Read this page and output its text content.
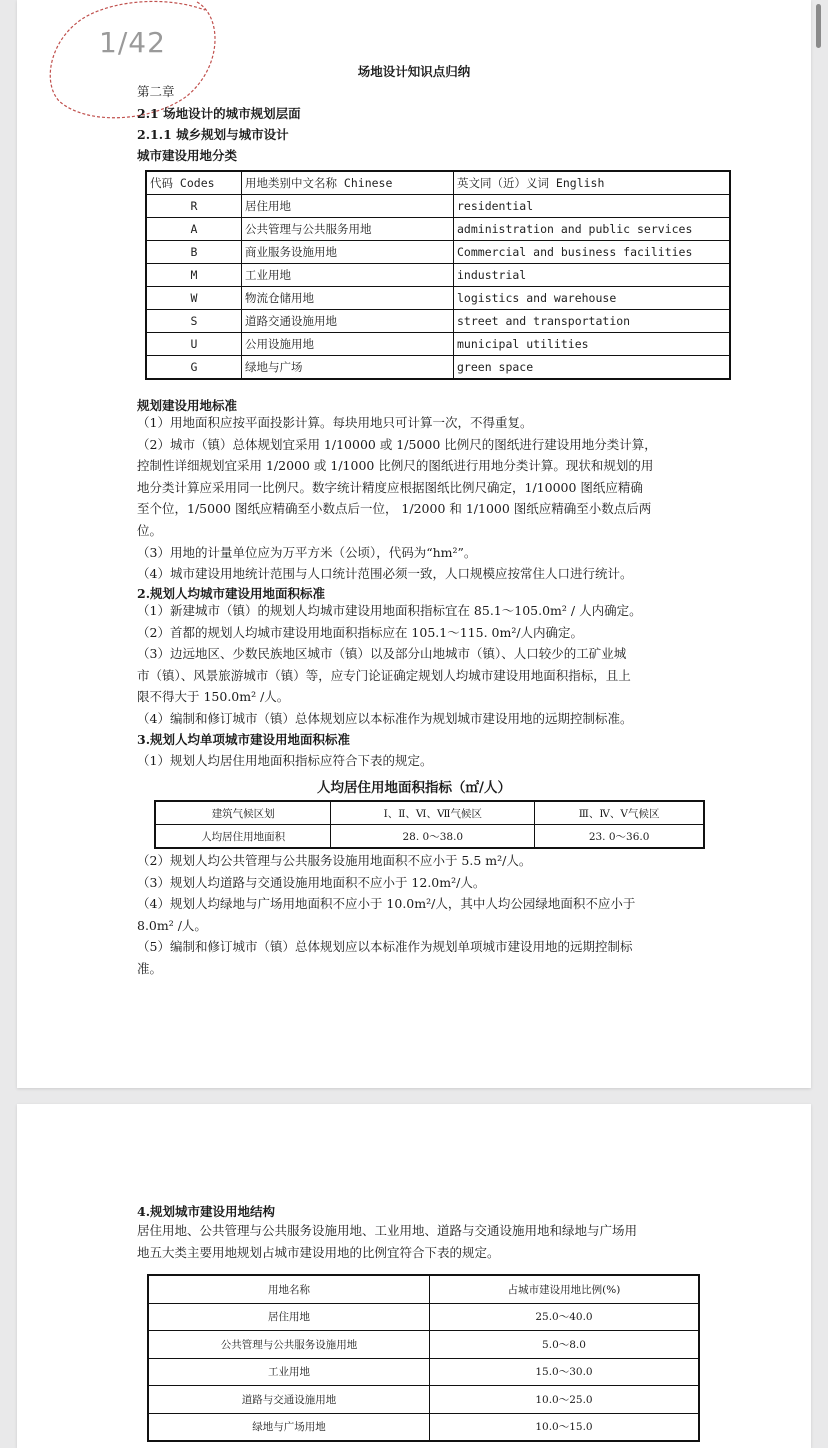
1/42
场地设计知识点归纳
第二章
2.1 场地设计的城市规划层面
2.1.1 城乡规划与城市设计
城市建设用地分类
代码 Codes	用地类别中文名称 Chinese	英文同（近）义词 English
R	居住用地	residential
A	公共管理与公共服务用地	administration and public services
B	商业服务设施用地	Commercial and business facilities
M	工业用地	industrial
W	物流仓储用地	logistics and warehouse
S	道路交通设施用地	street and transportation
U	公用设施用地	municipal utilities
G	绿地与广场	green space
规划建设用地标准
（1）用地面积应按平面投影计算。每块用地只可计算一次，不得重复。
（2）城市（镇）总体规划宜采用 1/10000 或 1/5000 比例尺的图纸进行建设用地分类计算，
控制性详细规划宜采用 1/2000 或 1/1000 比例尺的图纸进行用地分类计算。现状和规划的用
地分类计算应采用同一比例尺。数字统计精度应根据图纸比例尺确定，1/10000 图纸应精确
至个位，1/5000 图纸应精确至小数点后一位， 1/2000 和 1/1000 图纸应精确至小数点后两
位。
（3）用地的计量单位应为万平方米（公顷），代码为“hm²”。
（4）城市建设用地统计范围与人口统计范围必须一致，人口规模应按常住人口进行统计。
2.规划人均城市建设用地面积标准
（1）新建城市（镇）的规划人均城市建设用地面积指标宜在 85.1～105.0m² / 人内确定。
（2）首都的规划人均城市建设用地面积指标应在 105.1～115. 0m²/人内确定。
（3）边远地区、少数民族地区城市（镇）以及部分山地城市（镇）、人口较少的工矿业城
市（镇）、风景旅游城市（镇）等，应专门论证确定规划人均城市建设用地面积指标，且上
限不得大于 150.0m² /人。
（4）编制和修订城市（镇）总体规划应以本标准作为规划城市建设用地的远期控制标准。
3.规划人均单项城市建设用地面积标准
（1）规划人均居住用地面积指标应符合下表的规定。
人均居住用地面积指标（㎡/人）
建筑气候区划	Ⅰ、Ⅱ、Ⅵ、Ⅶ气候区	Ⅲ、Ⅳ、Ⅴ气候区
人均居住用地面积	28. 0～38.0	23. 0～36.0
（2）规划人均公共管理与公共服务设施用地面积不应小于 5.5 m²/人。
（3）规划人均道路与交通设施用地面积不应小于 12.0m²/人。
（4）规划人均绿地与广场用地面积不应小于 10.0m²/人，其中人均公园绿地面积不应小于
8.0m² /人。
（5）编制和修订城市（镇）总体规划应以本标准作为规划单项城市建设用地的远期控制标
准。
4.规划城市建设用地结构
居住用地、公共管理与公共服务设施用地、工业用地、道路与交通设施用地和绿地与广场用
地五大类主要用地规划占城市建设用地的比例宜符合下表的规定。
用地名称	占城市建设用地比例(%)
居住用地	25.0～40.0
公共管理与公共服务设施用地	5.0～8.0
工业用地	15.0～30.0
道路与交通设施用地	10.0～25.0
绿地与广场用地	10.0～15.0
